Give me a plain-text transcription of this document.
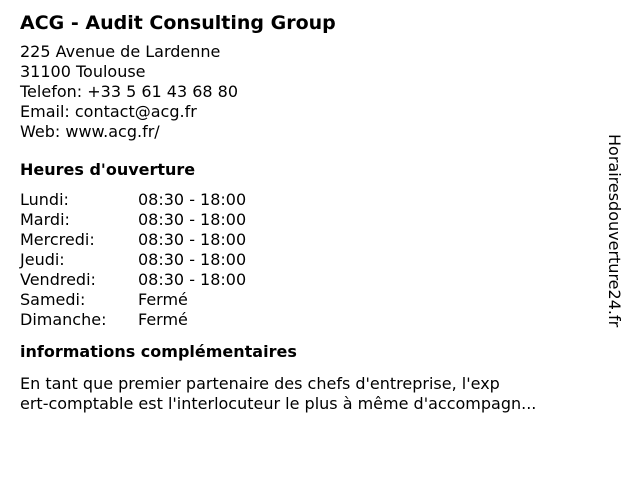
ACG - Audit Consulting Group
225 Avenue de Lardenne
31100 Toulouse
Telefon: +33 5 61 43 68 80
Email: contact@acg.fr
Web: www.acg.fr/
Heures d'ouverture
Lundi:	08:30 - 18:00
Mardi:	08:30 - 18:00
Mercredi:	08:30 - 18:00
Jeudi:	08:30 - 18:00
Vendredi:	08:30 - 18:00
Samedi:	Fermé
Dimanche:	Fermé
informations complémentaires
En tant que premier partenaire des chefs d'entreprise, l'exp
ert-comptable est l'interlocuteur le plus à même d'accompagn...
Horairesdouverture24.fr
